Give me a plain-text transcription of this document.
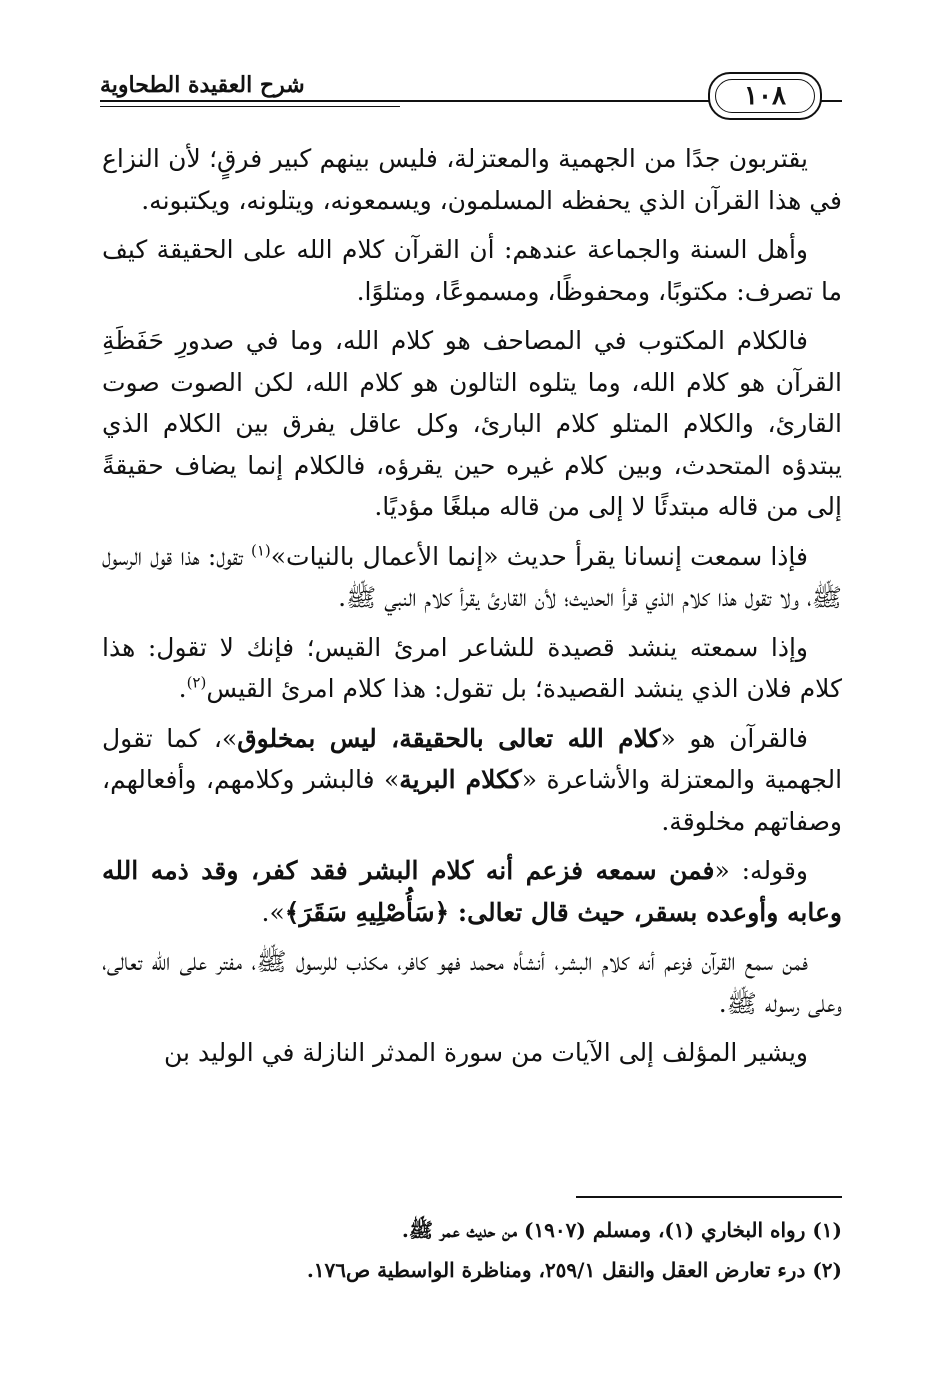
شرح العقيدة الطحاوية	١٠٨

يقتربون جدًا من الجهمية والمعتزلة، فليس بينهم كبير فرقٍ؛ لأن النزاع في هذا القرآن الذي يحفظه المسلمون، ويسمعونه، ويتلونه، ويكتبونه.

وأهل السنة والجماعة عندهم: أن القرآن كلام الله على الحقيقة كيف ما تصرف: مكتوبًا، ومحفوظًا، ومسموعًا، ومتلوًا.

فالكلام المكتوب في المصاحف هو كلام الله، وما في صدورِ حَفَظَةِ القرآن هو كلام الله، وما يتلوه التالون هو كلام الله، لكن الصوت صوت القارئ، والكلام المتلو كلام البارئ، وكل عاقل يفرق بين الكلام الذي يبتدؤه المتحدث، وبين كلام غيره حين يقرؤه، فالكلام إنما يضاف حقيقةً إلى من قاله مبتدئًا لا إلى من قاله مبلغًا مؤديًا.

فإذا سمعت إنسانا يقرأ حديث «إنما الأعمال بالنيات»$^{(١)}$ تقول: هذا قول الرسول ﷺ، ولا تقول هذا كلام الذي قرأ الحديث؛ لأن القارئ يقرأ كلام النبي ﷺ.

وإذا سمعته ينشد قصيدة للشاعر امرئ القيس؛ فإنك لا تقول: هذا كلام فلان الذي ينشد القصيدة؛ بل تقول: هذا كلام امرئ القيس$^{(٢)}$.

فالقرآن هو «كلام الله تعالى بالحقيقة، ليس بمخلوق»، كما تقول الجهمية والمعتزلة والأشاعرة «ككلام البرية» فالبشر وكلامهم، وأفعالهم، وصفاتهم مخلوقة.

وقوله: «فمن سمعه فزعم أنه كلام البشر فقد كفر، وقد ذمه الله وعابه وأوعده بسقر، حيث قال تعالى: ﴿سَأُصْلِيهِ سَقَرَ﴾».

فمن سمع القرآن فزعم أنه كلام البشر، أنشأه محمد فهو كافر، مكذب للرسول ﷺ، مفتر على الله تعالى، وعلى رسوله ﷺ.

ويشير المؤلف إلى الآيات من سورة المدثر النازلة في الوليد بن

(١) رواه البخاري (١)، ومسلم (١٩٠٧) من حديث عمر ﷺ.
(٢) درء تعارض العقل والنقل ٢٥٩/١، ومناظرة الواسطية ص١٧٦.
